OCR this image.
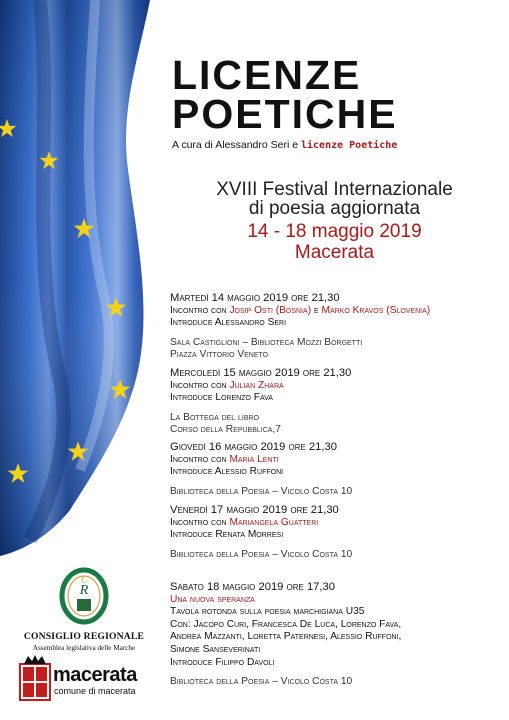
LICENZE
POETICHE
A cura di Alessandro Seri e licenze Poetiche
XVIII Festival Internazionale
di poesia aggiornata
14 - 18 maggio 2019
Macerata
Martedì 14 maggio 2019 ore 21,30
Incontro con Josip Osti (Bosnia) e Marko Kravos (Slovenia)
Introduce Alessandro Seri
Sala Castiglioni – Biblioteca Mozzi Borgetti
Piazza Vittorio Veneto
Mercoledì 15 maggio 2019 ore 21,30
Incontro con Julian Zhara
Introduce Lorenzo Fava
La Bottega del libro
Corso della Repubblica,7
Giovedì 16 maggio 2019 ore 21,30
Incontro con Maria Lenti
Introduce Alessio Ruffoni
Biblioteca della Poesia – Vicolo Costa 10
Venerdì 17 maggio 2019 ore 21,30
Incontro con Mariangela Guatteri
Introduce Renata Morresi
Biblioteca della Poesia – Vicolo Costa 10
Sabato 18 maggio 2019 ore 17,30
Una nuova speranza
Tavola rotonda sulla poesia marchigiana U35
Con: Jacopo Curi, Francesca De Luca, Lorenzo Fava,
Andrea Mazzanti, Loretta Paternesi, Alessio Ruffoni,
Simone Sanseverinati
Introduce Filippo Davoli
Biblioteca della Poesia – Vicolo Costa 10
R
C
CONSIGLIO REGIONALE
Assemblea legislativa delle Marche
macerata
comune di macerata
